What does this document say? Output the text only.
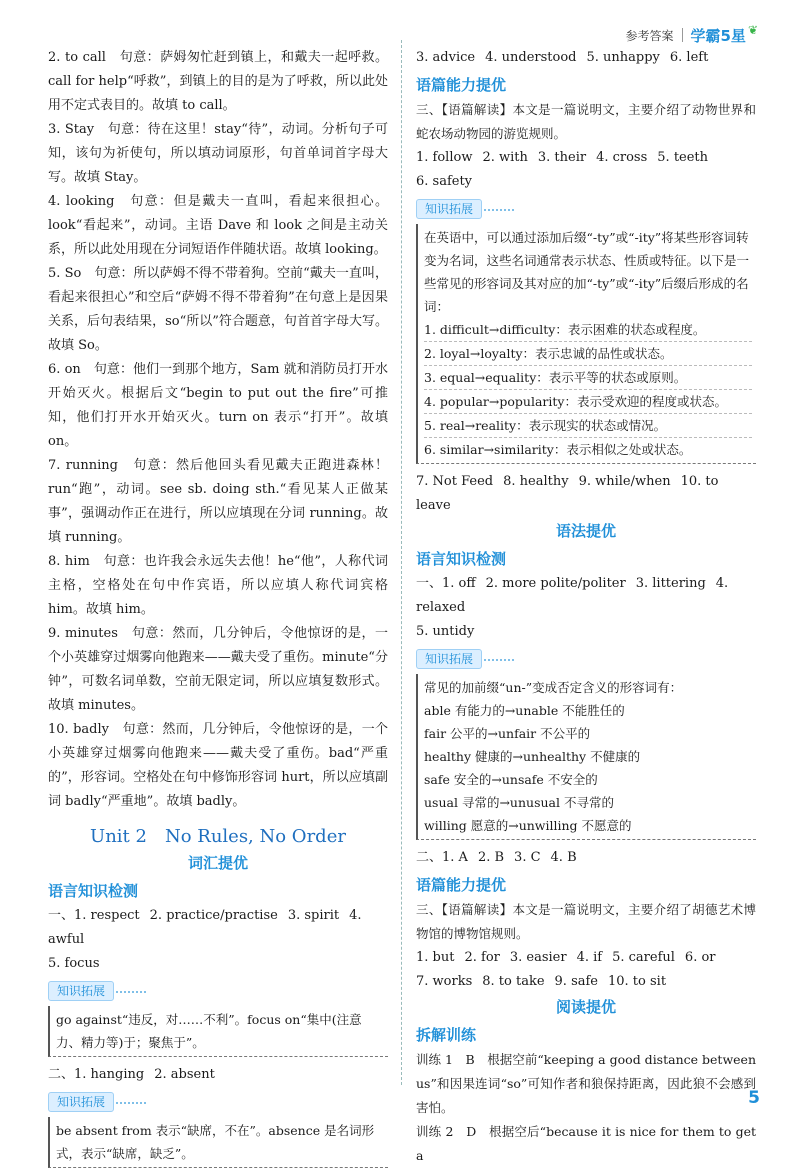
参考答案 学霸5星 ❦

2. to call　句意：萨姆匆忙赶到镇上，和戴夫一起呼救。call for help“呼救”，到镇上的目的是为了呼救，所以此处用不定式表目的。故填 to call。

3. Stay　句意：待在这里！stay“待”，动词。分析句子可知，该句为祈使句，所以填动词原形，句首单词首字母大写。故填 Stay。

4. looking　句意：但是戴夫一直叫，看起来很担心。look“看起来”，动词。主语 Dave 和 look 之间是主动关系，所以此处用现在分词短语作伴随状语。故填 looking。

5. So　句意：所以萨姆不得不带着狗。空前“戴夫一直叫，看起来很担心”和空后“萨姆不得不带着狗”在句意上是因果关系，后句表结果，so“所以”符合题意，句首首字母大写。故填 So。

6. on　句意：他们一到那个地方，Sam 就和消防员打开水开始灭火。根据后文“begin to put out the fire”可推知，他们打开水开始灭火。turn on 表示“打开”。故填 on。

7. running　句意：然后他回头看见戴夫正跑进森林！run“跑”，动词。see sb. doing sth.“看见某人正做某事”，强调动作正在进行，所以应填现在分词 running。故填 running。

8. him　句意：也许我会永远失去他！he“他”，人称代词主格，空格处在句中作宾语，所以应填人称代词宾格 him。故填 him。

9. minutes　句意：然而，几分钟后，令他惊讶的是，一个小英雄穿过烟雾向他跑来——戴夫受了重伤。minute“分钟”，可数名词单数，空前无限定词，所以应填复数形式。故填 minutes。

10. badly　句意：然而，几分钟后，令他惊讶的是，一个小英雄穿过烟雾向他跑来——戴夫受了重伤。bad“严重的”，形容词。空格处在句中修饰形容词 hurt，所以应填副词 badly“严重地”。故填 badly。

Unit 2　No Rules, No Order

词汇提优

语言知识检测

一、1. respect 2. practice/practise 3. spirit 4. awful

5. focus

知识拓展
go against“违反，对……不利”。focus on“集中(注意力、精力等)于；聚焦于”。

二、1. hanging 2. absent

知识拓展
be absent from 表示“缺席，不在”。absence 是名词形式，表示“缺席，缺乏”。

3. advice 4. understood 5. unhappy 6. left

语篇能力提优

三、【语篇解读】本文是一篇说明文，主要介绍了动物世界和蛇农场动物园的游览规则。

1. follow 2. with 3. their 4. cross 5. teeth

6. safety

知识拓展

在英语中，可以通过添加后缀“-ty”或“-ity”将某些形容词转变为名词，这些名词通常表示状态、性质或特征。以下是一些常见的形容词及其对应的加“-ty”或“-ity”后缀后形成的名词：

1. difficult→difficulty：表示困难的状态或程度。

2. loyal→loyalty：表示忠诚的品性或状态。

3. equal→equality：表示平等的状态或原则。

4. popular→popularity：表示受欢迎的程度或状态。

5. real→reality：表示现实的状态或情况。

6. similar→similarity：表示相似之处或状态。

7. Not Feed 8. healthy 9. while/when 10. to leave

语法提优

语言知识检测

一、1. off 2. more polite/politer 3. littering 4. relaxed

5. untidy

知识拓展

常见的加前缀“un-”变成否定含义的形容词有：

able 有能力的→unable 不能胜任的

fair 公平的→unfair 不公平的

healthy 健康的→unhealthy 不健康的

safe 安全的→unsafe 不安全的

usual 寻常的→unusual 不寻常的

willing 愿意的→unwilling 不愿意的

二、1. A 2. B 3. C 4. B

语篇能力提优

三、【语篇解读】本文是一篇说明文，主要介绍了胡德艺术博物馆的博物馆规则。

1. but 2. for 3. easier 4. if 5. careful 6. or

7. works 8. to take 9. safe 10. to sit

阅读提优

拆解训练

训练 1　B　根据空前“keeping a good distance between us”和因果连词“so”可知作者和狼保持距离，因此狼不会感到害怕。

训练 2　D　根据空后“because it is nice for them to get a

5
